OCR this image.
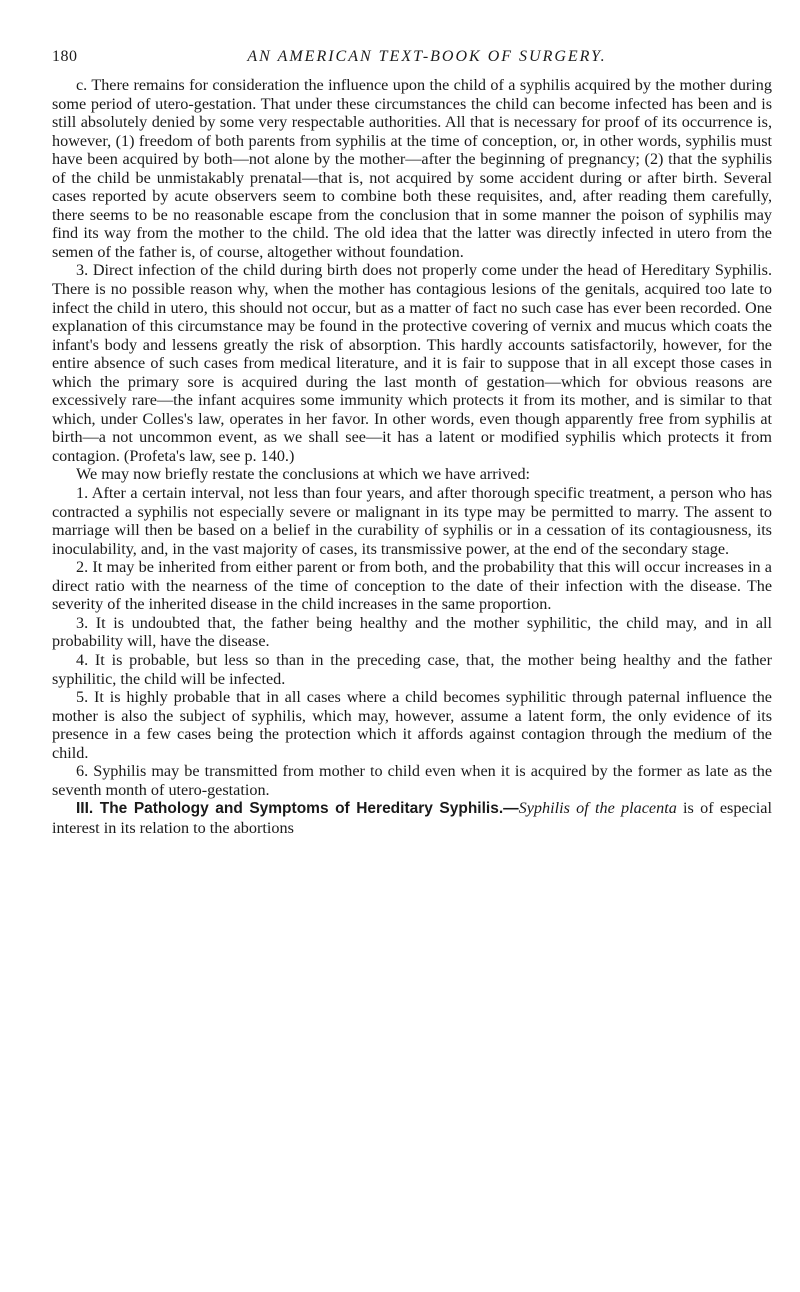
180	AN AMERICAN TEXT-BOOK OF SURGERY.

c. There remains for consideration the influence upon the child of a syphilis acquired by the mother during some period of utero-gestation. That under these circumstances the child can become infected has been and is still absolutely denied by some very respectable authorities. All that is necessary for proof of its occurrence is, however, (1) freedom of both parents from syphilis at the time of conception, or, in other words, syphilis must have been acquired by both—not alone by the mother—after the beginning of pregnancy; (2) that the syphilis of the child be unmistakably prenatal—that is, not acquired by some accident during or after birth. Several cases reported by acute observers seem to combine both these requisites, and, after reading them carefully, there seems to be no reasonable escape from the conclusion that in some manner the poison of syphilis may find its way from the mother to the child. The old idea that the latter was directly infected in utero from the semen of the father is, of course, altogether without foundation.

3. Direct infection of the child during birth does not properly come under the head of Hereditary Syphilis. There is no possible reason why, when the mother has contagious lesions of the genitals, acquired too late to infect the child in utero, this should not occur, but as a matter of fact no such case has ever been recorded. One explanation of this circumstance may be found in the protective covering of vernix and mucus which coats the infant's body and lessens greatly the risk of absorption. This hardly accounts satisfactorily, however, for the entire absence of such cases from medical literature, and it is fair to suppose that in all except those cases in which the primary sore is acquired during the last month of gestation—which for obvious reasons are excessively rare—the infant acquires some immunity which protects it from its mother, and is similar to that which, under Colles's law, operates in her favor. In other words, even though apparently free from syphilis at birth—a not uncommon event, as we shall see—it has a latent or modified syphilis which protects it from contagion. (Profeta's law, see p. 140.)

We may now briefly restate the conclusions at which we have arrived:

1. After a certain interval, not less than four years, and after thorough specific treatment, a person who has contracted a syphilis not especially severe or malignant in its type may be permitted to marry. The assent to marriage will then be based on a belief in the curability of syphilis or in a cessation of its contagiousness, its inoculability, and, in the vast majority of cases, its transmissive power, at the end of the secondary stage.

2. It may be inherited from either parent or from both, and the probability that this will occur increases in a direct ratio with the nearness of the time of conception to the date of their infection with the disease. The severity of the inherited disease in the child increases in the same proportion.

3. It is undoubted that, the father being healthy and the mother syphilitic, the child may, and in all probability will, have the disease.

4. It is probable, but less so than in the preceding case, that, the mother being healthy and the father syphilitic, the child will be infected.

5. It is highly probable that in all cases where a child becomes syphilitic through paternal influence the mother is also the subject of syphilis, which may, however, assume a latent form, the only evidence of its presence in a few cases being the protection which it affords against contagion through the medium of the child.

6. Syphilis may be transmitted from mother to child even when it is acquired by the former as late as the seventh month of utero-gestation.

III. The Pathology and Symptoms of Hereditary Syphilis.—Syphilis of the placenta is of especial interest in its relation to the abortions
